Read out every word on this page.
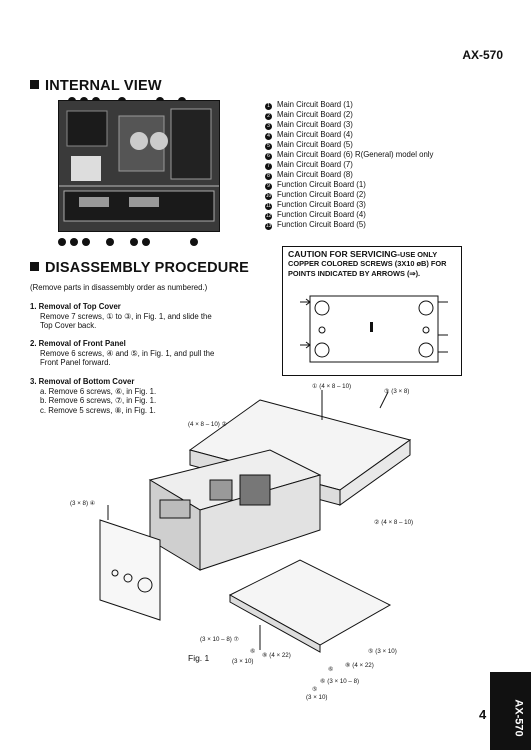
AX-570
INTERNAL VIEW
1 Main Circuit Board (1)
2 Main Circuit Board (2)
3 Main Circuit Board (3)
4 Main Circuit Board (4)
5 Main Circuit Board (5)
6 Main Circuit Board (6) R(General) model only
7 Main Circuit Board (7)
8 Main Circuit Board (8)
9 Function Circuit Board (1)
10 Function Circuit Board (2)
11 Function Circuit Board (3)
12 Function Circuit Board (4)
13 Function Circuit Board (5)
DISASSEMBLY PROCEDURE
(Remove parts in disassembly order as numbered.)
1. Removal of Top Cover
Remove 7 screws, ① to ③, in Fig. 1, and slide the
Top Cover back.
2. Removal of Front Panel
Remove 6 screws, ④ and ⑤, in Fig. 1, and pull the
Front Panel forward.
3. Removal of Bottom Cover
a. Remove 6 screws, ⑥, in Fig. 1.
b. Remove 6 screws, ⑦, in Fig. 1.
c. Remove 5 screws, ⑧, in Fig. 1.
CAUTION FOR SERVICING-USE ONLY
COPPER COLORED SCREWS (3X10 øB) FOR POINTS INDICATED BY ARROWS (⇒).
① (4 × 8 – 10)
③ (3 × 8)
(4 × 8 – 10) ②
(3 × 8) ④
② (4 × 8 – 10)
(3 × 10 – 8) ⑦
⑥
(3 × 10)
⑧ (4 × 22)
⑤ (3 × 10)
⑥
⑧ (4 × 22)
⑥ (3 × 10 – 8)
⑤
(3 × 10)
Fig. 1
4 AX-570
